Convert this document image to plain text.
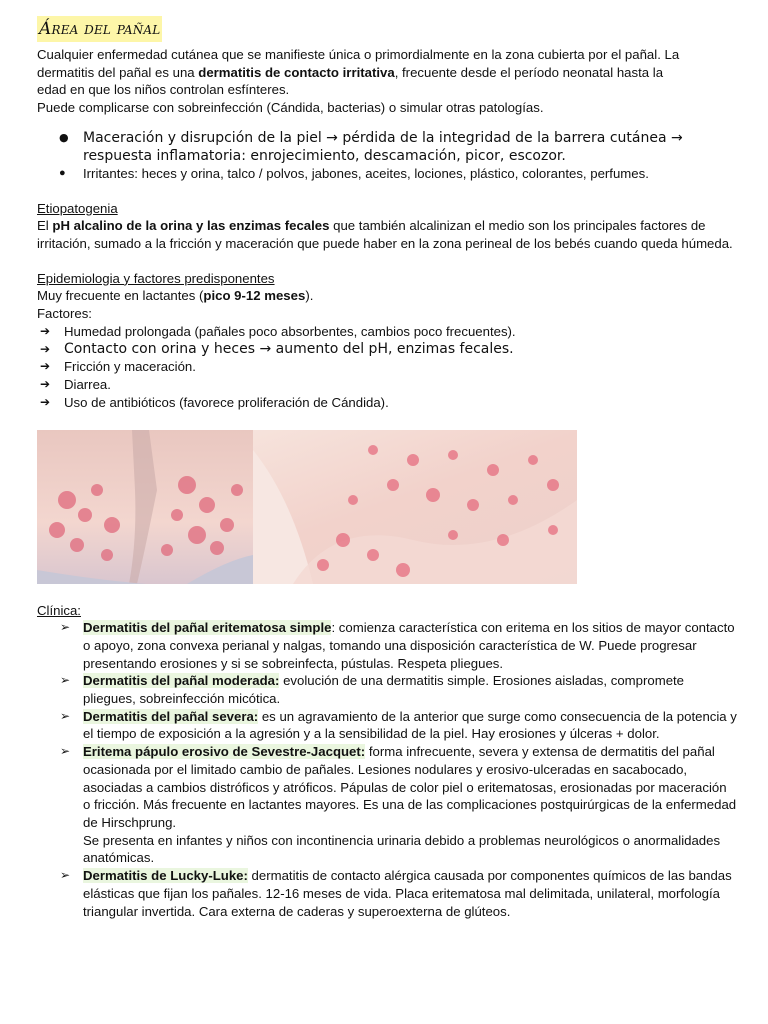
Área del pañal

Cualquier enfermedad cutánea que se manifieste única o primordialmente en la zona cubierta por el pañal. La
dermatitis del pañal es una dermatitis de contacto irritativa, frecuente desde el período neonatal hasta la
edad en que los niños controlan esfínteres.
Puede complicarse con sobreinfección (Cándida, bacterias) o simular otras patologías.

● Maceración y disrupción de la piel → pérdida de la integridad de la barrera cutánea → respuesta inflamatoria: enrojecimiento, descamación, picor, escozor.
● Irritantes: heces y orina, talco / polvos, jabones, aceites, lociones, plástico, colorantes, perfumes.

Etiopatogenia
El pH alcalino de la orina y las enzimas fecales que también alcalinizan el medio son los principales factores de irritación, sumado a la fricción y maceración que puede haber en la zona perineal de los bebés cuando queda húmeda.

Epidemiologia y factores predisponentes
Muy frecuente en lactantes (pico 9-12 meses).
Factores:

➔ Humedad prolongada (pañales poco absorbentes, cambios poco frecuentes).
➔ Contacto con orina y heces → aumento del pH, enzimas fecales.
➔ Fricción y maceración.
➔ Diarrea.
➔ Uso de antibióticos (favorece proliferación de Cándida).

Clínica:

➢ Dermatitis del pañal eritematosa simple: comienza característica con eritema en los sitios de mayor contacto o apoyo, zona convexa perianal y nalgas, tomando una disposición característica de W. Puede progresar presentando erosiones y si se sobreinfecta, pústulas. Respeta pliegues.
➢ Dermatitis del pañal moderada: evolución de una dermatitis simple. Erosiones aisladas, compromete pliegues, sobreinfección micótica.
➢ Dermatitis del pañal severa: es un agravamiento de la anterior que surge como consecuencia de la potencia y el tiempo de exposición a la agresión y a la sensibilidad de la piel. Hay erosiones y úlceras + dolor.
➢ Eritema pápulo erosivo de Sevestre-Jacquet: forma infrecuente, severa y extensa de dermatitis del pañal ocasionada por el limitado cambio de pañales. Lesiones nodulares y erosivo-ulceradas en sacabocado, asociadas a cambios distróficos y atróficos. Pápulas de color piel o eritematosas, erosionadas por maceración o fricción. Más frecuente en lactantes mayores. Es una de las complicaciones postquirúrgicas de la enfermedad de Hirschprung.
Se presenta en infantes y niños con incontinencia urinaria debido a problemas neurológicos o anormalidades anatómicas.
➢ Dermatitis de Lucky-Luke: dermatitis de contacto alérgica causada por componentes químicos de las bandas elásticas que fijan los pañales. 12-16 meses de vida. Placa eritematosa mal delimitada, unilateral, morfología triangular invertida. Cara externa de caderas y superoexterna de glúteos.
